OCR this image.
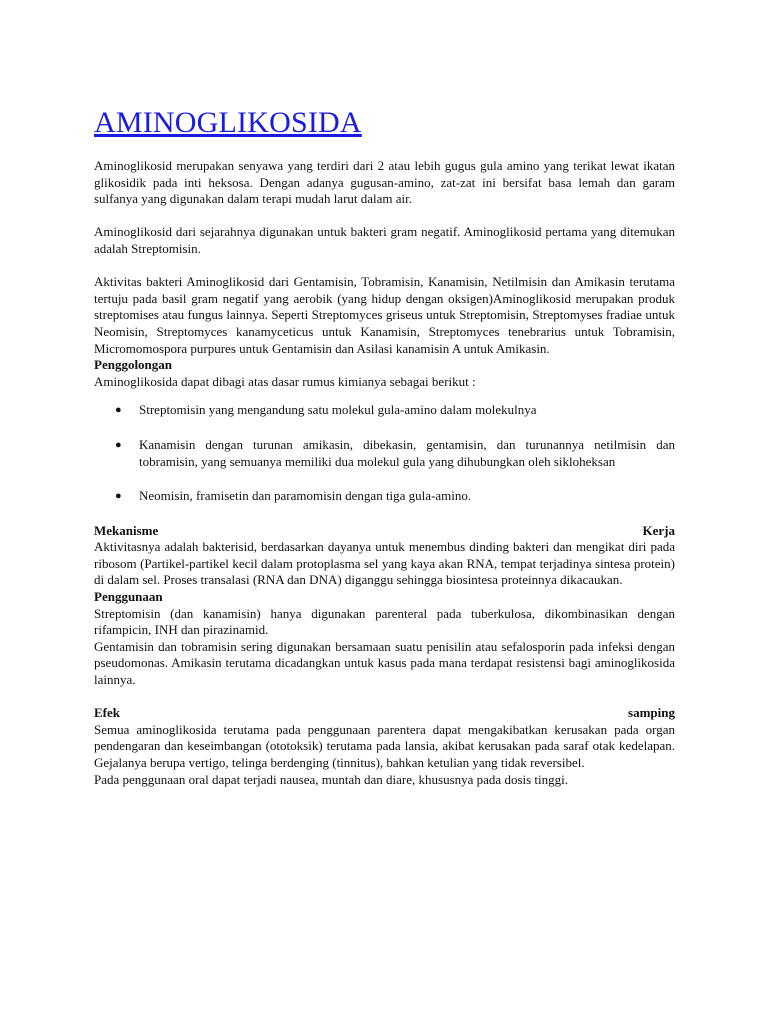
AMINOGLIKOSIDA

Aminoglikosid merupakan senyawa yang terdiri dari 2 atau lebih gugus gula amino yang terikat lewat ikatan glikosidik pada inti heksosa. Dengan adanya gugusan-amino, zat-zat ini bersifat basa lemah dan garam sulfanya yang digunakan dalam terapi mudah larut dalam air.

Aminoglikosid dari sejarahnya digunakan untuk bakteri gram negatif. Aminoglikosid pertama yang ditemukan adalah Streptomisin.

Aktivitas bakteri Aminoglikosid dari Gentamisin, Tobramisin, Kanamisin, Netilmisin dan Amikasin terutama tertuju pada basil gram negatif yang aerobik (yang hidup dengan oksigen)Aminoglikosid merupakan produk streptomises atau fungus lainnya. Seperti Streptomyces griseus untuk Streptomisin, Streptomyses fradiae untuk Neomisin, Streptomyces kanamyceticus untuk Kanamisin, Streptomyces tenebrarius untuk Tobramisin, Micromomospora purpures untuk Gentamisin dan Asilasi kanamisin A untuk Amikasin.

Penggolongan

Aminoglikosida dapat dibagi atas dasar rumus kimianya sebagai berikut :

● Streptomisin yang mengandung satu molekul gula-amino dalam molekulnya
● Kanamisin dengan turunan amikasin, dibekasin, gentamisin, dan turunannya netilmisin dan tobramisin, yang semuanya memiliki dua molekul gula yang dihubungkan oleh sikloheksan
● Neomisin, framisetin dan paramomisin dengan tiga gula-amino.
Mekanisme	Kerja

Aktivitasnya adalah bakterisid, berdasarkan dayanya untuk menembus dinding bakteri dan mengikat diri pada ribosom (Partikel-partikel kecil dalam protoplasma sel yang kaya akan RNA, tempat terjadinya sintesa protein) di dalam sel. Proses transalasi (RNA dan DNA) diganggu sehingga biosintesa proteinnya dikacaukan.

Penggunaan

Streptomisin (dan kanamisin) hanya digunakan parenteral pada tuberkulosa, dikombinasikan dengan rifampicin, INH dan pirazinamid.

Gentamisin dan tobramisin sering digunakan bersamaan suatu penisilin atau sefalosporin pada infeksi dengan pseudomonas. Amikasin terutama dicadangkan untuk kasus pada mana terdapat resistensi bagi aminoglikosida lainnya.

Efek	samping

Semua aminoglikosida terutama pada penggunaan parentera dapat mengakibatkan kerusakan pada organ pendengaran dan keseimbangan (ototoksik) terutama pada lansia, akibat kerusakan pada saraf otak kedelapan. Gejalanya berupa vertigo, telinga berdenging (tinnitus), bahkan ketulian yang tidak reversibel.

Pada penggunaan oral dapat terjadi nausea, muntah dan diare, khususnya pada dosis tinggi.
